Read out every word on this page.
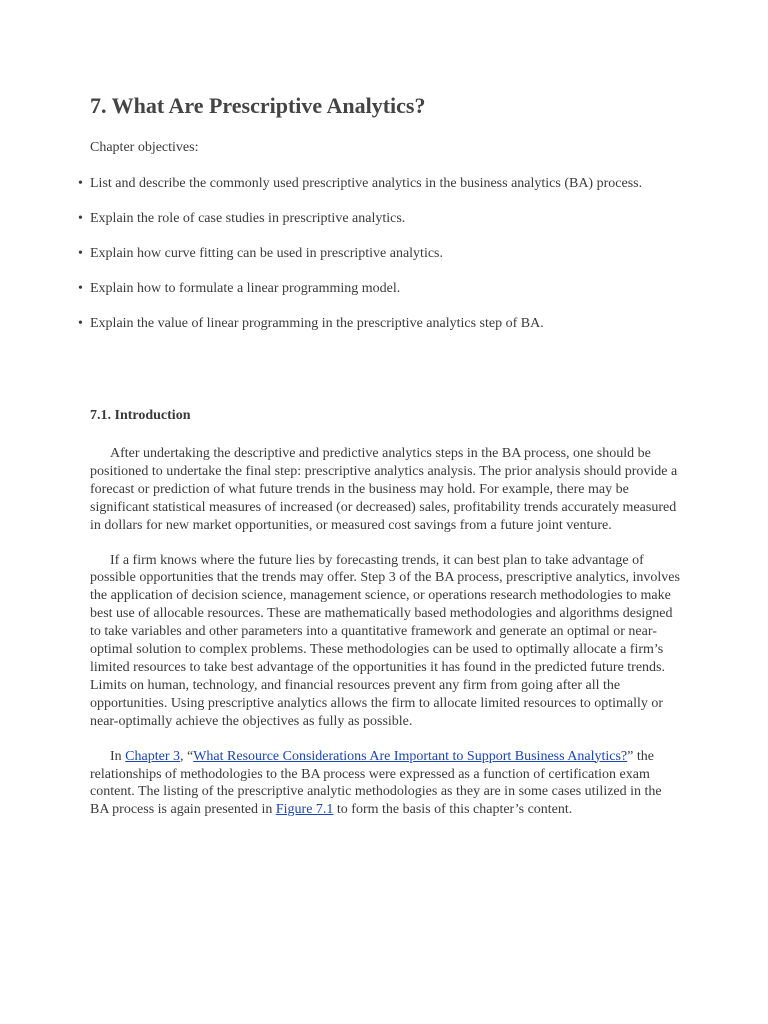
7. What Are Prescriptive Analytics?

Chapter objectives:

• List and describe the commonly used prescriptive analytics in the business analytics (BA) process.
• Explain the role of case studies in prescriptive analytics.
• Explain how curve fitting can be used in prescriptive analytics.
• Explain how to formulate a linear programming model.
• Explain the value of linear programming in the prescriptive analytics step of BA.
7.1. Introduction

After undertaking the descriptive and predictive analytics steps in the BA process, one should be positioned to undertake the final step: prescriptive analytics analysis. The prior analysis should provide a forecast or prediction of what future trends in the business may hold. For example, there may be significant statistical measures of increased (or decreased) sales, profitability trends accurately measured in dollars for new market opportunities, or measured cost savings from a future joint venture.

If a firm knows where the future lies by forecasting trends, it can best plan to take advantage of possible opportunities that the trends may offer. Step 3 of the BA process, prescriptive analytics, involves the application of decision science, management science, or operations research methodologies to make best use of allocable resources. These are mathematically based methodologies and algorithms designed to take variables and other parameters into a quantitative framework and generate an optimal or near-optimal solution to complex problems. These methodologies can be used to optimally allocate a firm’s limited resources to take best advantage of the opportunities it has found in the predicted future trends. Limits on human, technology, and financial resources prevent any firm from going after all the opportunities. Using prescriptive analytics allows the firm to allocate limited resources to optimally or near-optimally achieve the objectives as fully as possible.

In Chapter 3, “What Resource Considerations Are Important to Support Business Analytics?” the relationships of methodologies to the BA process were expressed as a function of certification exam content. The listing of the prescriptive analytic methodologies as they are in some cases utilized in the BA process is again presented in Figure 7.1 to form the basis of this chapter’s content.
